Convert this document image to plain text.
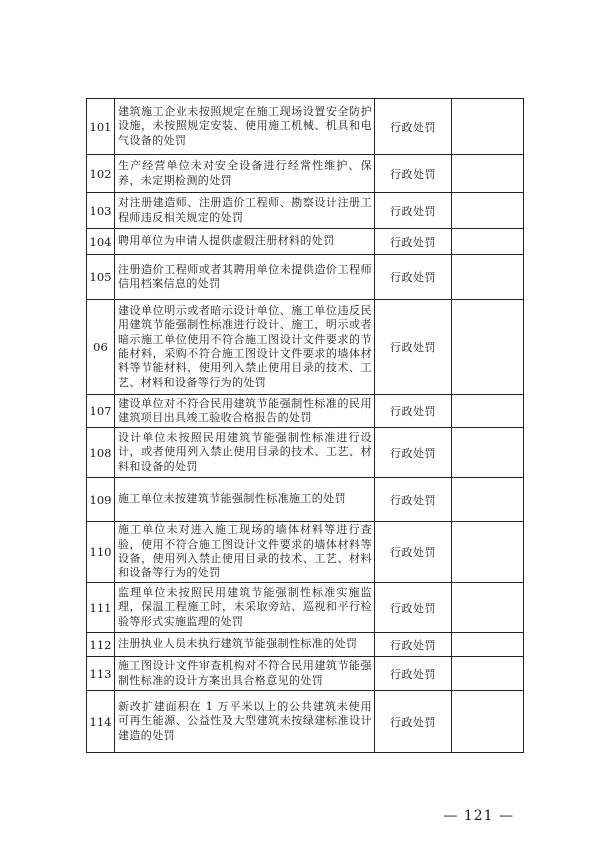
101	建筑施工企业未按照规定在施工现场设置安全防护设施，未按照规定安装、使用施工机械、机具和电气设备的处罚	行政处罚	
102	生产经营单位未对安全设备进行经常性维护、保养，未定期检测的处罚	行政处罚	
103	对注册建造师、注册造价工程师、勘察设计注册工程师违反相关规定的处罚	行政处罚	
104	聘用单位为申请人提供虚假注册材料的处罚	行政处罚	
105	注册造价工程师或者其聘用单位未提供造价工程师信用档案信息的处罚	行政处罚	
06	建设单位明示或者暗示设计单位、施工单位违反民用建筑节能强制性标准进行设计、施工，明示或者暗示施工单位使用不符合施工图设计文件要求的节能材料，采购不符合施工图设计文件要求的墙体材料等节能材料，使用列入禁止使用目录的技术、工艺、材料和设备等行为的处罚	行政处罚	
107	建设单位对不符合民用建筑节能强制性标准的民用建筑项目出具竣工验收合格报告的处罚	行政处罚	
108	设计单位未按照民用建筑节能强制性标准进行设计，或者使用列入禁止使用目录的技术、工艺、材料和设备的处罚	行政处罚	
109	施工单位未按建筑节能强制性标准施工的处罚	行政处罚	
110	施工单位未对进入施工现场的墙体材料等进行查验，使用不符合施工图设计文件要求的墙体材料等设备，使用列入禁止使用目录的技术、工艺、材料和设备等行为的处罚	行政处罚	
111	监理单位未按照民用建筑节能强制性标准实施监理，保温工程施工时，未采取旁站、巡视和平行检验等形式实施监理的处罚	行政处罚	
112	注册执业人员未执行建筑节能强制性标准的处罚	行政处罚	
113	施工图设计文件审查机构对不符合民用建筑节能强制性标准的设计方案出具合格意见的处罚	行政处罚	
114	新改扩建面积在 1 万平米以上的公共建筑未使用可再生能源、公益性及大型建筑未按绿建标准设计建造的处罚	行政处罚	
— 121 —
